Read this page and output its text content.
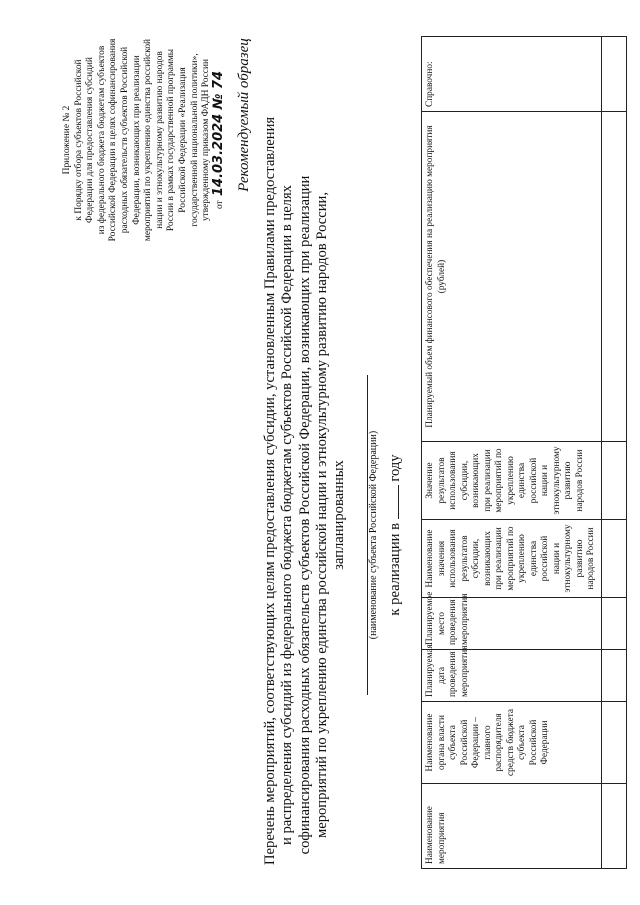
Приложение № 2 к Порядку отбора субъектов Российской Федерации для предоставления субсидий из федерального бюджета бюджетам субъектов Российской Федерации в целях софинансирования расходных обязательств субъектов Российской Федерации, возникающих при реализации мероприятий по укреплению единства российской нации и этнокультурному развитию народов России в рамках государственной программы Российской Федерации «Реализация государственной национальной политики», утвержденному приказом ФАДН России от 14.03.2024 № 74 Рекомендуемый образец
Перечень мероприятий, соответствующих целям предоставления субсидии, установленным Правилами предоставления и распределения субсидий из федерального бюджета бюджетам субъектов Российской Федерации в целях софинансирования расходных обязательств субъектов Российской Федерации, возникающих при реализации мероприятий по укреплению единства российской нации и этнокультурному развитию народов России, запланированных (наименование субъекта Российской Федерации) к реализации в  году
Наименование мероприятия	Наименование органа власти субъекта Российской Федерации – главного распорядителя средств бюджета субъекта Российской Федерации	Планируемая дата проведения мероприятия	Планируемое место проведения мероприятия	Наименование значения использования результатов субсидии, возникающих при реализации мероприятий по укреплению единства российской нации и этнокультурному развитию народов России	Значение результатов использования субсидии, возникающих при реализации мероприятий по укреплению единства российской нации и этнокультурному развитию народов России	Планируемый объем финансового обеспечения на реализацию мероприятия (рублей)	Справочно:
